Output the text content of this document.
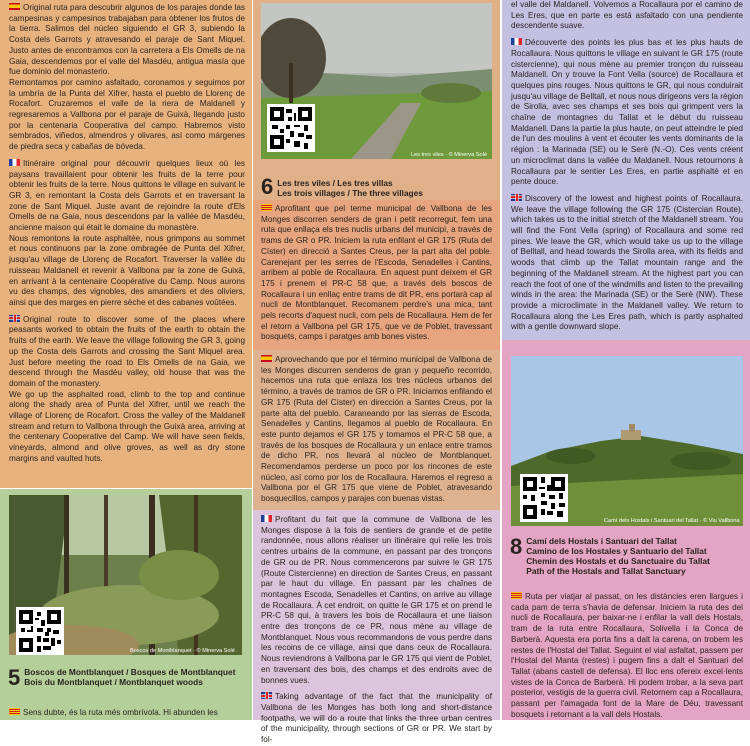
Original ruta para descubrir algunos de los parajes donde las campesinas y campesinos trabajaban para obtener los frutos de la tierra. Salimos del núcleo siguiendo el GR 3, subiendo la Costa dels Garrots y atravesando el paraje de Sant Miquel. Justo antes de encontramos con la carretera a Els Omells de na Gaia, descendemos por el valle del Masdéu, antigua masía que fue dominio del monasterio.

Remontamos por camino asfaltado, coronamos y seguimos por la umbría de la Punta del Xifrer, hasta el pueblo de Llorenç de Rocafort. Cruzaremos el valle de la riera de Maldanell y regresaremos a Vallbona por el paraje de Guixà, llegando justo por la centenaria Cooperativa del campo. Habremos visto sembrados, viñedos, almendros y olivares, así como márgenes de piedra seca y cabañas de bóveda.

Itinéraire original pour découvrir quelques lieux où les paysans travaillaient pour obtenir les fruits de la terre pour obtenir les fruits de la terre. Nous quittons le village en suivant le GR 3, en remontant la Costa dels Garrots et en traversant la zone de Sant Miquel. Juste avant de rejoindre la route d'Els Omells de na Gaia, nous descendons par la vallée de Masdéu, ancienne maison qui était le domaine du monastère.

Nous remontons la route asphaltée, nous grimpons au sommet et nous continuons par la zone ombragée de Punta del Xifrer, jusqu'au village de Llorenç de Rocafort. Traverser la vallée du ruisseau Maldanell et revenir à Vallbona par la zone de Guixà, en arrivant à la centenaire Coopérative du Camp. Nous aurons vu des champs, des vignobles, des amandiers et des oliviers, ainsi que des marges en pierre sèche et des cabanes voûtées.

Original route to discover some of the places where peasants worked to obtain the fruits of the earth to obtain the fruits of the earth. We leave the village following the GR 3, going up the Costa dels Garrots and crossing the Sant Miquel area. Just before meeting the road to Els Omells de na Gaia, we descend through the Masdéu valley, old house that was the domain of the monastery.

We go up the asphalted road, climb to the top and continue along the shady area of Punta del Xifrer, until we reach the village of Llorenç de Rocafort. Cross the valley of the Maldanell stream and return to Vallbona through the Guixà area, arriving at the centenary Cooperative del Camp. We will have seen fields, vineyards, almond and olive groves, as well as dry stone margins and vaulted huts.

Boscos de Montblanquet · © Minerva Solé
5 Boscos de Montblanquet / Bosques de Montblanquet
Bois du Montblanquet / Montblanquet woods
Sens dubte, és la ruta més ombrívola. Hi abunden les
Les tres viles · © Minerva Solé
6 Les tres viles / Les tres villas
Les trois villages / The three villages

Aprofitant que pel terme municipal de Vallbona de les Monges discorren senders de gran i petit recorregut, fem una ruta que enllaça els tres nuclis urbans del municipi, a través de trams de GR o PR. Iniciem la ruta enfilant el GR 175 (Ruta del Císter) en direcció a Santes Creus, per la part alta del poble. Carenejant per les serres de l'Escoda, Senadelles i Cantins, arribem al poble de Rocallaura. En aquest punt deixem el GR 175 i prenem el PR-C 58 que, a través dels boscos de Rocallaura i un enllaç entre trams de dit PR, ens portarà cap al nucli de Montblanquet. Recomanem perdre's una mica, tant pels recorts d'aquest nucli, com pels de Rocallaura. Hem de fer el retorn a Vallbona pel GR 175, que ve de Poblet, travessant bosquets, camps i paratges amb bones vistes.

Aprovechando que por el término municipal de Vallbona de les Monges discurren senderos de gran y pequeño recorrido, hacemos una ruta que enlaza los tres núcleos urbanos del término, a través de tramos de GR o PR. Iniciamos enfilando el GR 175 (Ruta del Císter) en dirección a Santes Creus, por la parte alta del pueblo. Caraneando por las sierras de Escoda, Senadelles y Cantins, llegamos al pueblo de Rocallaura. En este punto dejamos el GR 175 y tomamos el PR-C 58 que, a través de los bosques de Rocallaura y un enlace entre tramos de dicho PR, nos llevará al núcleo de Montblanquet. Recomendamos perderse un poco por los rincones de este núcleo, así como por los de Rocallaura. Haremos el regreso a Vallbona por el GR 175 que viene de Poblet, atravesando bosquecillos, campos y parajes con buenas vistas.

Profitant du fait que la commune de Vallbona de les Monges dispose à la fois de sentiers de grande et de petite randonnée, nous allons réaliser un itinéraire qui relie les trois centres urbains de la commune, en passant par des tronçons de GR ou de PR. Nous commencerons par suivre le GR 175 (Route Cistercienne) en direction de Santes Creus, en passant par le haut du village. En passant par les chaînes de montagnes Escoda, Senadelles et Cantins, on arrive au village de Rocallaura. À cet endroit, on quitte le GR 175 et on prend le PR-C 58 qui, à travers les bois de Rocallaura et une liaison entre des tronçons de ce PR, nous mène au village de Montblanquet. Nous vous recommandons de vous perdre dans les recoins de ce village, ainsi que dans ceux de Rocallaura. Nous reviendrons à Vallbona par le GR 175 qui vient de Poblet, en traversant des bois, des champs et des endroits avec de bonnes vues.

Taking advantage of the fact that the municipality of Vallbona de les Monges has both long and short-distance footpaths, we will do a route that links the three urban centres of the municipality, through sections of GR or PR. We start by fol-

el valle del Maldanell. Volvemos a Rocallaura por el camino de Les Eres, que en parte es está asfaltado con una pendiente descendente suave.

Découverte des points les plus bas et les plus hauts de Rocallaura. Nous quittons le village en suivant le GR 175 (route cistercienne), qui nous mène au premier tronçon du ruisseau Maldanell. On y trouve la Font Vella (source) de Rocallaura et quelques pins rouges. Nous quittons le GR, qui nous conduirait jusqu'au village de Belltall, et nous nous dirigeons vers la région de Sirolla, avec ses champs et ses bois qui grimpent vers la chaîne de montagnes du Tallat et le début du ruisseau Maldanell. Dans la partie la plus haute, on peut atteindre le pied de l'un des moulins à vent et écouter les vents dominants de la région : la Marinada (SE) ou le Serè (N.-O). Ces vents créent un microclimat dans la vallée du Maldanell. Nous retournons à Rocallaura par le sentier Les Eres, en partie asphalté et en pente douce.

Discovery of the lowest and highest points of Rocallaura. We leave the village following the GR 175 (Cistercian Route), which takes us to the initial stretch of the Maldanell stream. You will find the Font Vella (spring) of Rocallaura and some red pines. We leave the GR, which would take us up to the village of Belltall, and head towards the Sirolla area, with its fields and woods that climb up the Tallat mountain range and the beginning of the Maldanell stream. At the highest part you can reach the foot of one of the windmills and listen to the prevailing winds in the area: the Marinada (SE) or the Serè (NW). These provide a microclimate in the Maldanell valley. We return to Rocallaura along the Les Eres path, which is partly asphalted with a gentle downward slope.

Camí dels Hostals i Santuari del Tallat · © Viu Vallbona
8 Camí dels Hostals i Santuari del Tallat
Camino de los Hostales y Santuario del Tallat
Chemin des Hostals et du Sanctuaire du Tallat
Path of the Hostals and Tallat Sanctuary

Ruta per viatjar al passat, on les distàncies eren llargues i cada pam de terra s'havia de defensar. Iniciem la ruta des del nucli de Rocallaura, per baixar-ne i enfilar la vall dels Hostals, tram de la ruta entre Rocallaura, Solivella i la Conca de Barberà. Aquesta era porta fins a dalt la carena, on trobem les restes de l'Hostal del Tallat. Seguint el vial asfaltat, passem per l'Hostal del Manta (restes) i pugem fins a dalt el Santuari del Tallat (abans castell de defensa). El lloc ens ofereix excel·lents vistes de la Conca de Barberà. Hi podem trobar, a la seva part posterior, vestigis de la guerra civil. Retornem cap a Rocallaura, passant per l'amagada font de la Mare de Déu, travessant bosquets i retornant a la vall dels Hostals.
